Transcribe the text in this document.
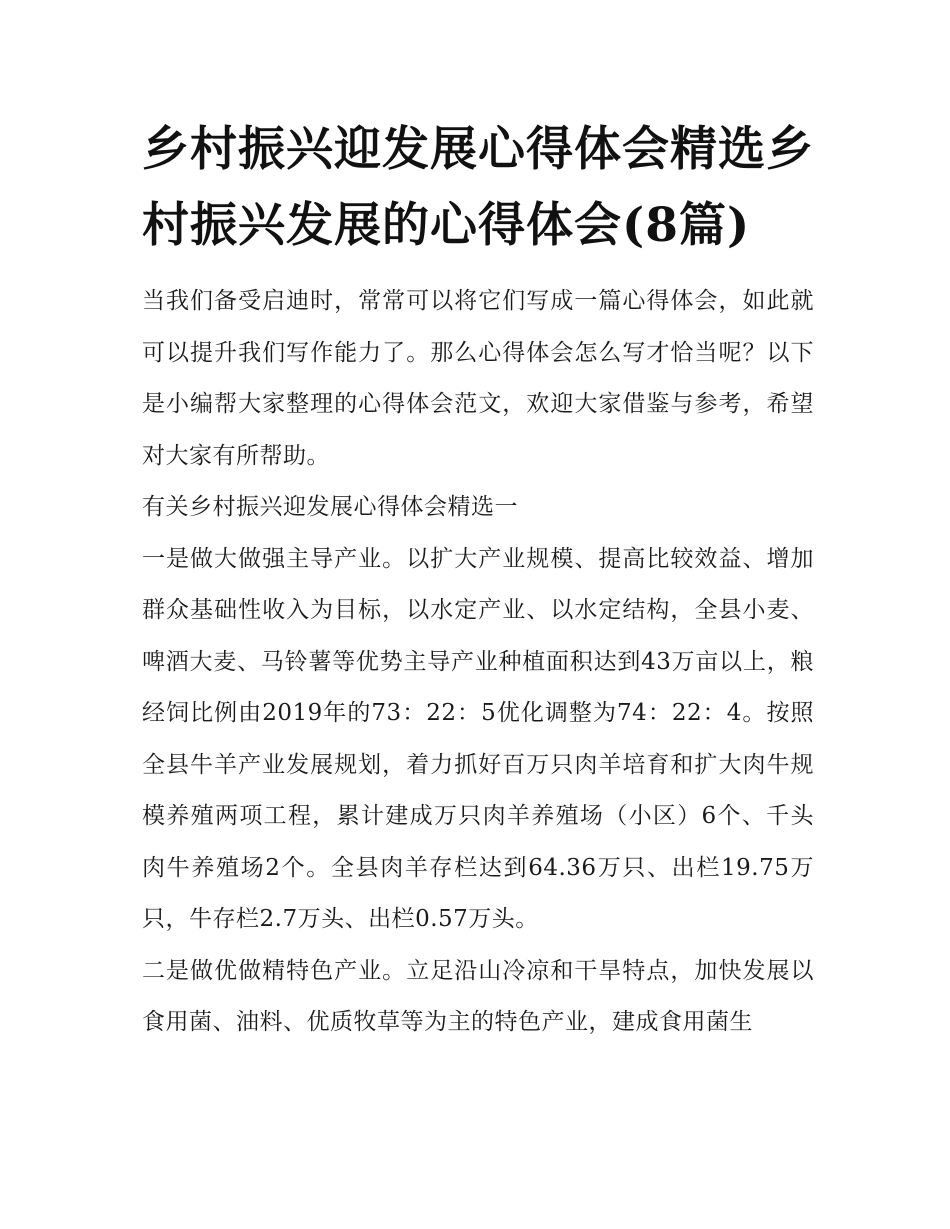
乡村振兴迎发展心得体会精选乡村振兴发展的心得体会(8篇)

当我们备受启迪时，常常可以将它们写成一篇心得体会，如此就可以提升我们写作能力了。那么心得体会怎么写才恰当呢？以下是小编帮大家整理的心得体会范文，欢迎大家借鉴与参考，希望对大家有所帮助。

有关乡村振兴迎发展心得体会精选一

一是做大做强主导产业。以扩大产业规模、提高比较效益、增加群众基础性收入为目标，以水定产业、以水定结构，全县小麦、啤酒大麦、马铃薯等优势主导产业种植面积达到43万亩以上，粮经饲比例由2019年的73：22：5优化调整为74：22：4。按照全县牛羊产业发展规划，着力抓好百万只肉羊培育和扩大肉牛规模养殖两项工程，累计建成万只肉羊养殖场（小区）6个、千头肉牛养殖场2个。全县肉羊存栏达到64.36万只、出栏19.75万只，牛存栏2.7万头、出栏0.57万头。

二是做优做精特色产业。立足沿山冷凉和干旱特点，加快发展以食用菌、油料、优质牧草等为主的特色产业，建成食用菌生
